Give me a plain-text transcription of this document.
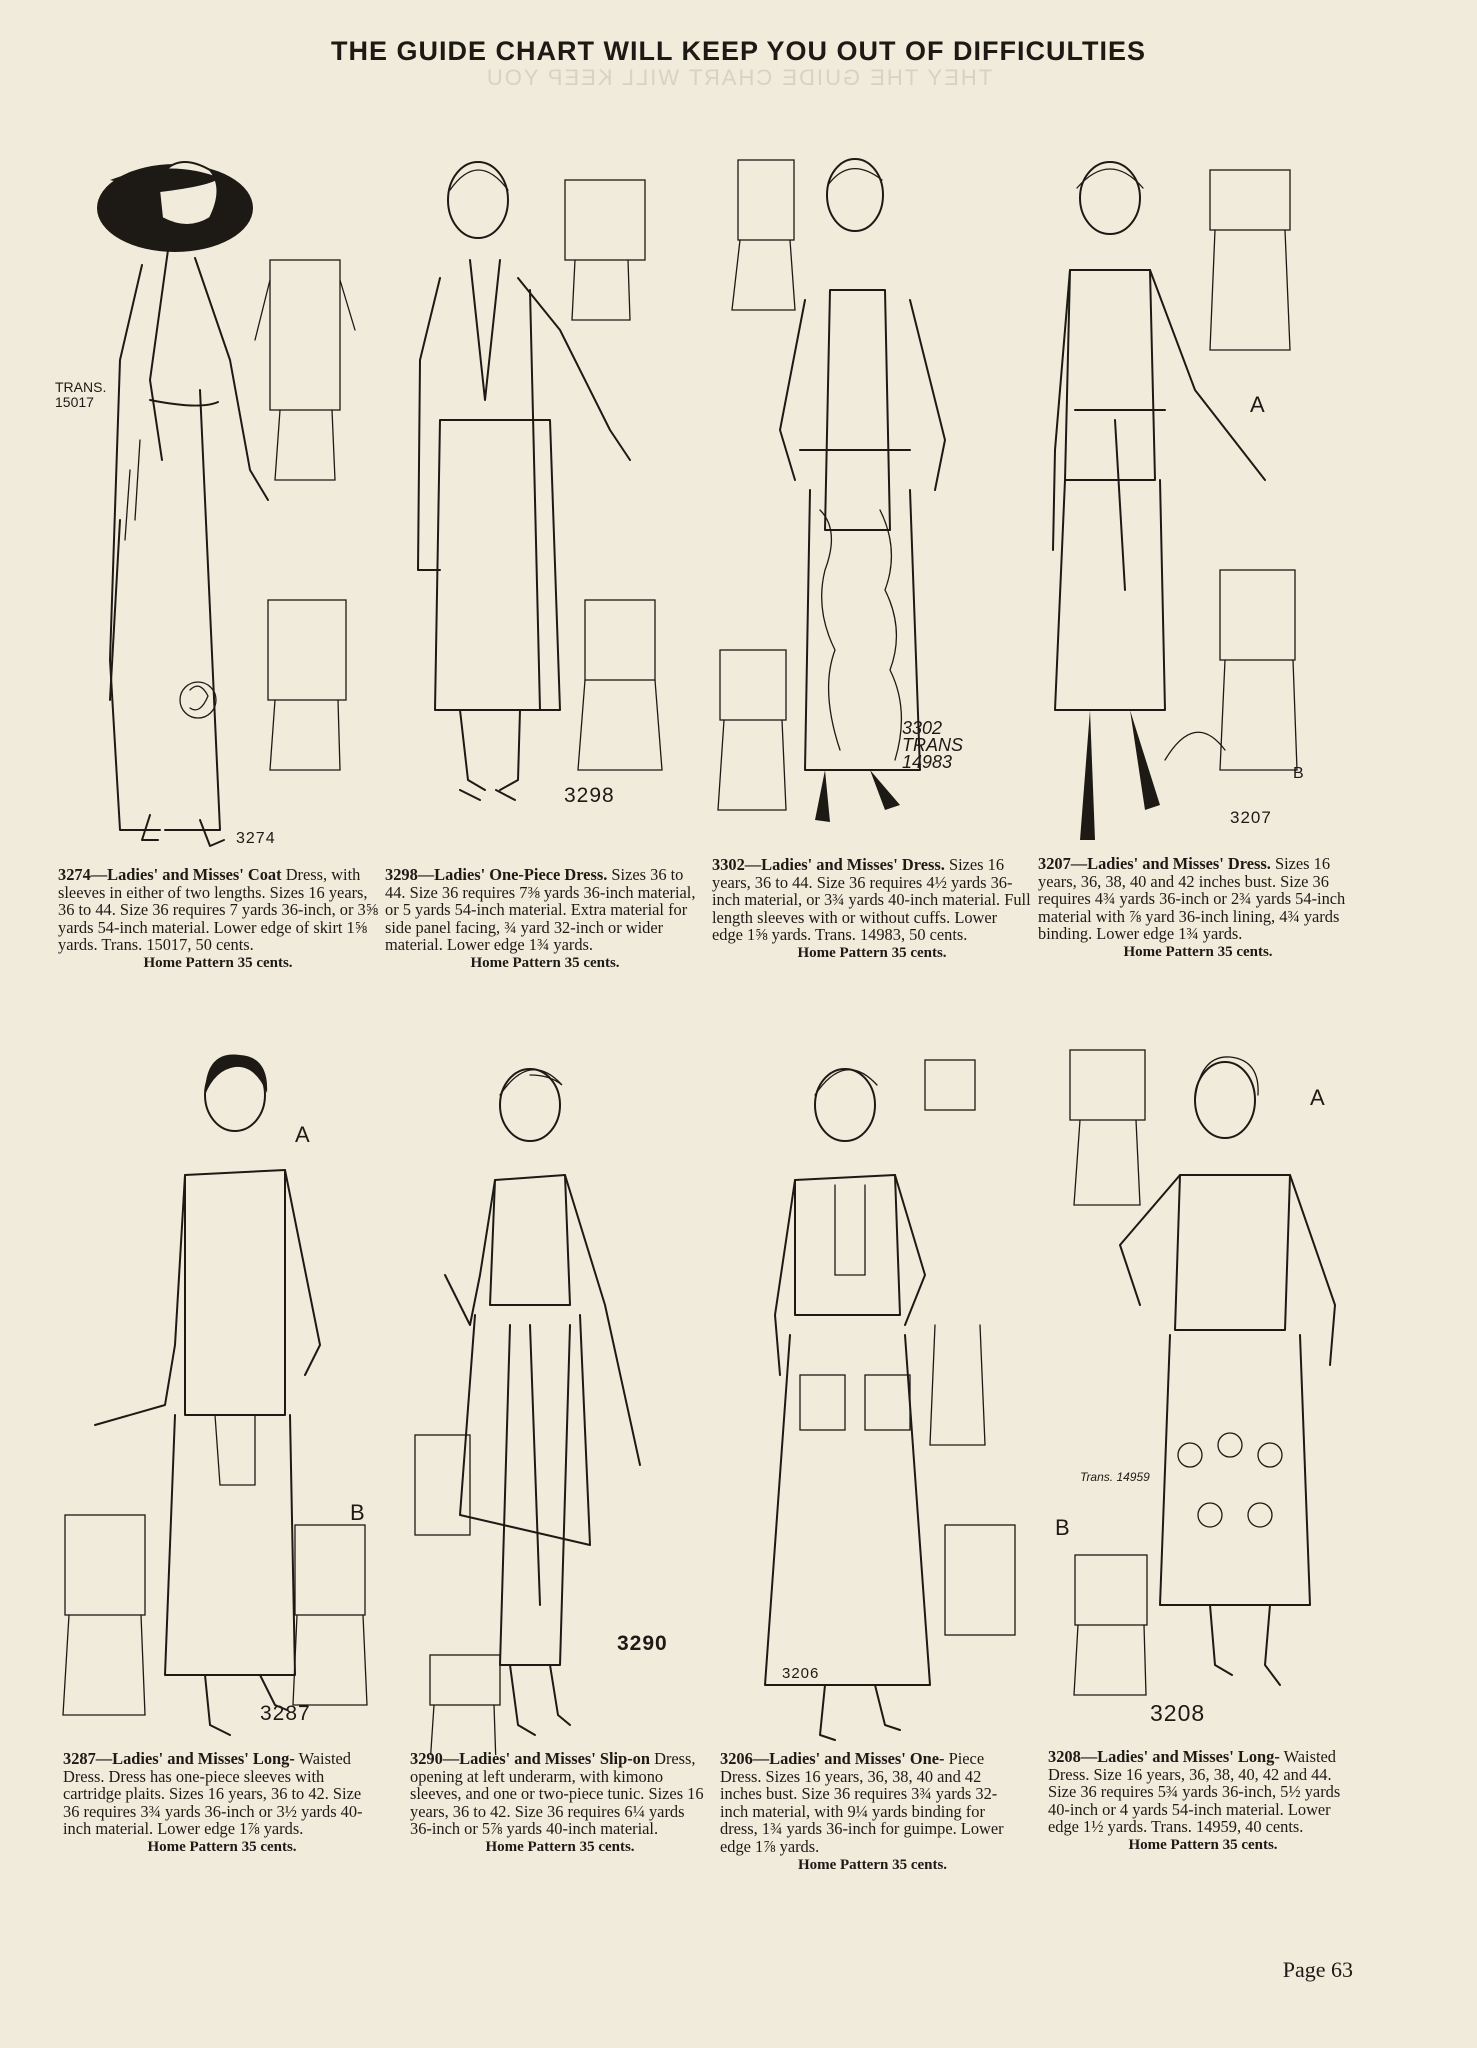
THE GUIDE CHART WILL KEEP YOU OUT OF DIFFICULTIES
THEY THE GUIDE CHART WILL KEEP YOU
TRANS. 15017
3274
3274—Ladies' and Misses' Coat Dress, with sleeves in either of two lengths. Sizes 16 years, 36 to 44. Size 36 requires 7 yards 36-inch, or 3⅝ yards 54-inch material. Lower edge of skirt 1⅝ yards. Trans. 15017, 50 cents.
Home Pattern 35 cents.
3298
3298—Ladies' One-Piece Dress. Sizes 36 to 44. Size 36 requires 7⅜ yards 36-inch material, or 5 yards 54-inch material. Extra material for side panel facing, ¾ yard 32-inch or wider material. Lower edge 1¾ yards.
Home Pattern 35 cents.
3302 TRANS 14983
3302—Ladies' and Misses' Dress. Sizes 16 years, 36 to 44. Size 36 requires 4½ yards 36-inch material, or 3¾ yards 40-inch material. Full length sleeves with or without cuffs. Lower edge 1⅝ yards. Trans. 14983, 50 cents.
Home Pattern 35 cents.
A
B
3207
3207—Ladies' and Misses' Dress. Sizes 16 years, 36, 38, 40 and 42 inches bust. Size 36 requires 4¾ yards 36-inch or 2¾ yards 54-inch material with ⅞ yard 36-inch lining, 4¾ yards binding. Lower edge 1¾ yards.
Home Pattern 35 cents.
A
B
3287
3287—Ladies' and Misses' Long- Waisted Dress. Dress has one-piece sleeves with cartridge plaits. Sizes 16 years, 36 to 42. Size 36 requires 3¾ yards 36-inch or 3½ yards 40-inch material. Lower edge 1⅞ yards.
Home Pattern 35 cents.
3290
3290—Ladies' and Misses' Slip-on Dress, opening at left underarm, with kimono sleeves, and one or two-piece tunic. Sizes 16 years, 36 to 42. Size 36 requires 6¼ yards 36-inch or 5⅞ yards 40-inch material.
Home Pattern 35 cents.
3206
3206—Ladies' and Misses' One- Piece Dress. Sizes 16 years, 36, 38, 40 and 42 inches bust. Size 36 requires 3¾ yards 32-inch material, with 9¼ yards binding for dress, 1¾ yards 36-inch for guimpe. Lower edge 1⅞ yards.
Home Pattern 35 cents.
A
B
Trans. 14959
3208
3208—Ladies' and Misses' Long- Waisted Dress. Size 16 years, 36, 38, 40, 42 and 44. Size 36 requires 5¾ yards 36-inch, 5½ yards 40-inch or 4 yards 54-inch material. Lower edge 1½ yards. Trans. 14959, 40 cents.
Home Pattern 35 cents.
Page 63
